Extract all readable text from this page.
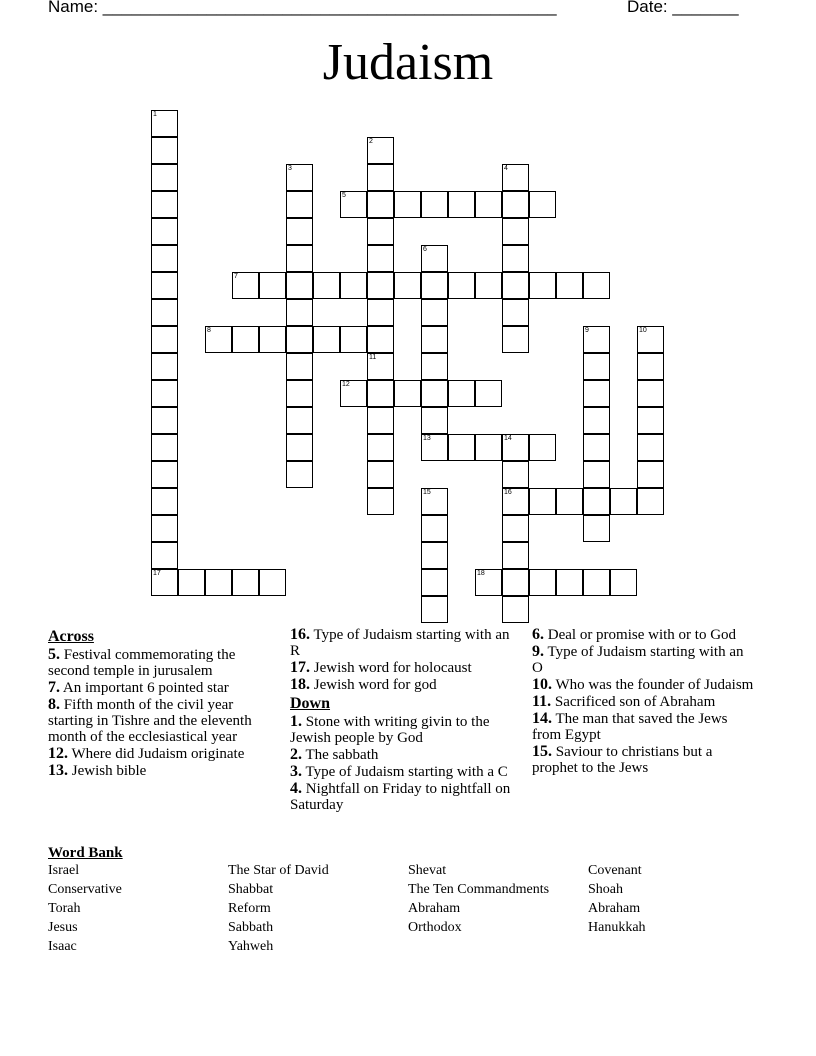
Name: ________________________________________________	Date: _______
Judaism
1
17
2
11
3	4
5
6
13
7
8	9	10
12
14
16
15
18
Across
5. Festival commemorating the second temple in jurusalem
7. An important 6 pointed star
8. Fifth month of the civil year starting in Tishre and the eleventh month of the ecclesiastical year
12. Where did Judaism originate
13. Jewish bible
16. Type of Judaism starting with an R
17. Jewish word for holocaust
18. Jewish word for god
Down
1. Stone with writing givin to the Jewish people by God
2. The sabbath
3. Type of Judaism starting with a C
4. Nightfall on Friday to nightfall on Saturday
6. Deal or promise with or to God
9. Type of Judaism starting with an O
10. Who was the founder of Judaism
11. Sacrificed son of Abraham
14. The man that saved the Jews from Egypt
15. Saviour to christians but a prophet to the Jews
Word Bank
Israel
Conservative
Torah
Jesus
Isaac
The Star of David
Shabbat
Reform
Sabbath
Yahweh
Shevat
The Ten Commandments
Abraham
Orthodox
Covenant
Shoah
Abraham
Hanukkah
